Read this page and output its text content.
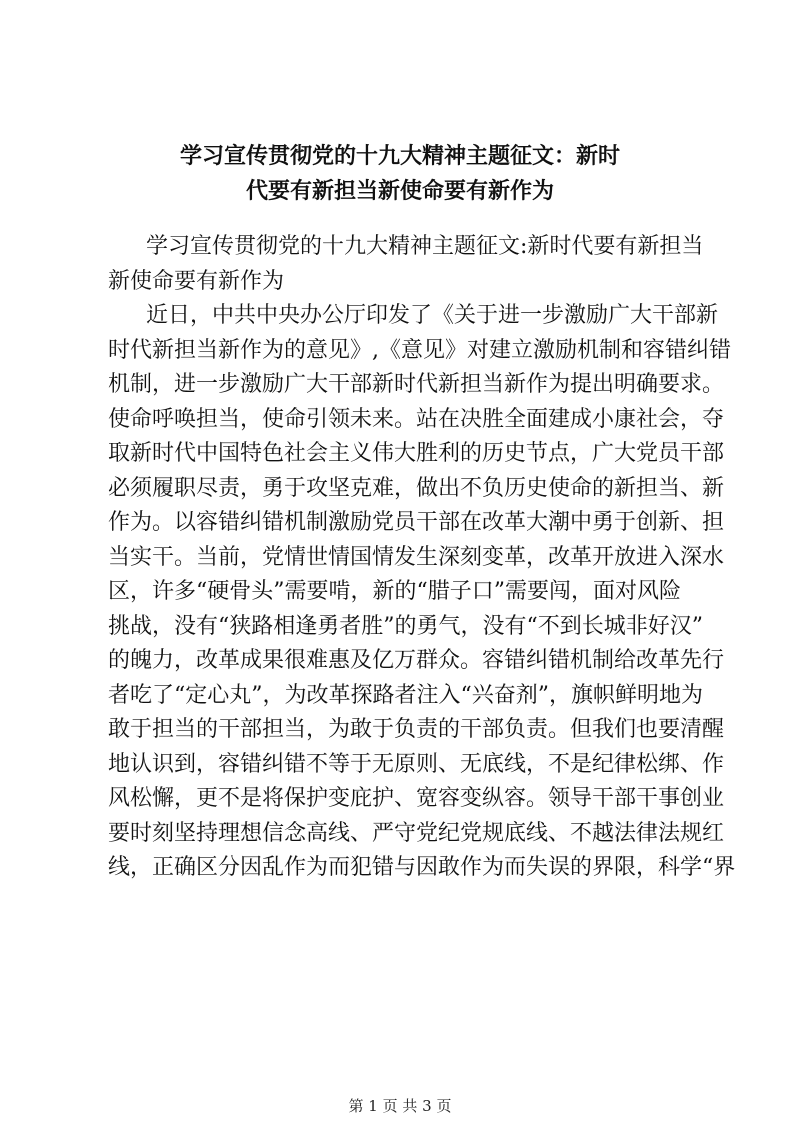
学习宣传贯彻党的十九大精神主题征文：新时
代要有新担当新使命要有新作为
学习宣传贯彻党的十九大精神主题征文:新时代要有新担当
新使命要有新作为
近日，中共中央办公厅印发了《关于进一步激励广大干部新
时代新担当新作为的意见》,《意见》对建立激励机制和容错纠错
机制，进一步激励广大干部新时代新担当新作为提出明确要求。
使命呼唤担当，使命引领未来。站在决胜全面建成小康社会，夺
取新时代中国特色社会主义伟大胜利的历史节点，广大党员干部
必须履职尽责，勇于攻坚克难，做出不负历史使命的新担当、新
作为。以容错纠错机制激励党员干部在改革大潮中勇于创新、担
当实干。当前，党情世情国情发生深刻变革，改革开放进入深水
区，许多“硬骨头”需要啃，新的“腊子口”需要闯，面对风险
挑战，没有“狭路相逢勇者胜”的勇气，没有“不到长城非好汉”
的魄力，改革成果很难惠及亿万群众。容错纠错机制给改革先行
者吃了“定心丸”，为改革探路者注入“兴奋剂”，旗帜鲜明地为
敢于担当的干部担当，为敢于负责的干部负责。但我们也要清醒
地认识到，容错纠错不等于无原则、无底线，不是纪律松绑、作
风松懈，更不是将保护变庇护、宽容变纵容。领导干部干事创业
要时刻坚持理想信念高线、严守党纪党规底线、不越法律法规红
线，正确区分因乱作为而犯错与因敢作为而失误的界限，科学“界
第 1 页 共 3 页
